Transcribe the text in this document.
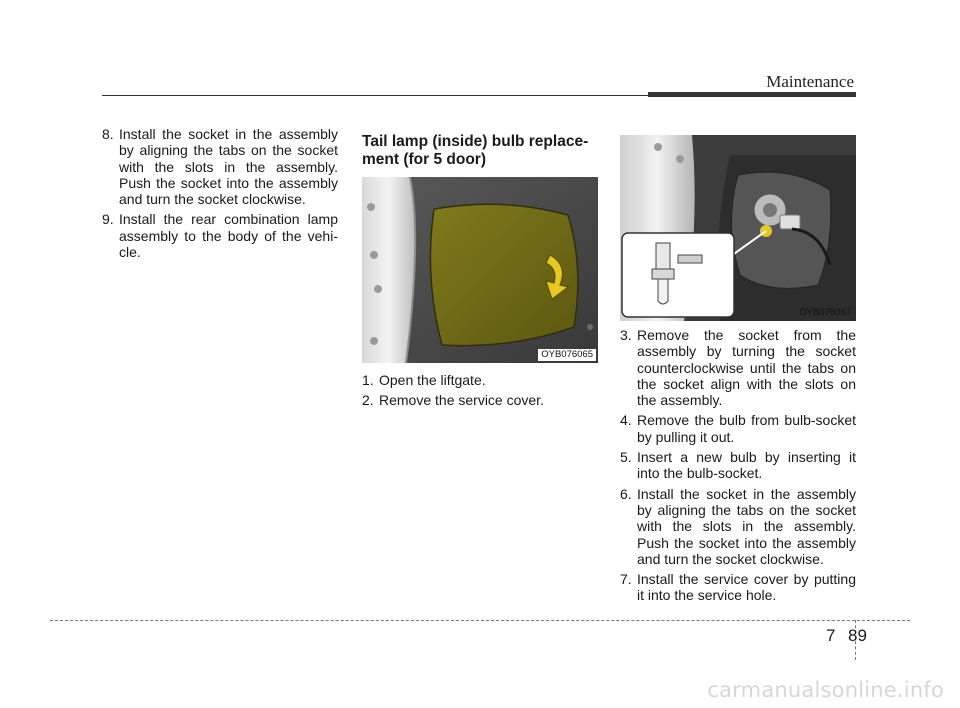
Maintenance
8. Install the socket in the assembly by aligning the tabs on the socket with the slots in the assembly. Push the socket into the assembly and turn the socket clockwise.
9. Install the rear combination lamp assembly to the body of the vehi-cle.
Tail lamp (inside) bulb replace-
ment (for 5 door)
OYB076065
1. Open the liftgate.
2. Remove the service cover.
OYB076067
3. Remove the socket from the assembly by turning the socket counterclockwise until the tabs on the socket align with the slots on the assembly.
4. Remove the bulb from bulb-socket by pulling it out.
5. Insert a new bulb by inserting it into the bulb-socket.
6. Install the socket in the assembly by aligning the tabs on the socket with the slots in the assembly. Push the socket into the assembly and turn the socket clockwise.
7. Install the service cover by putting it into the service hole.
7 89
carmanualsonline.info
